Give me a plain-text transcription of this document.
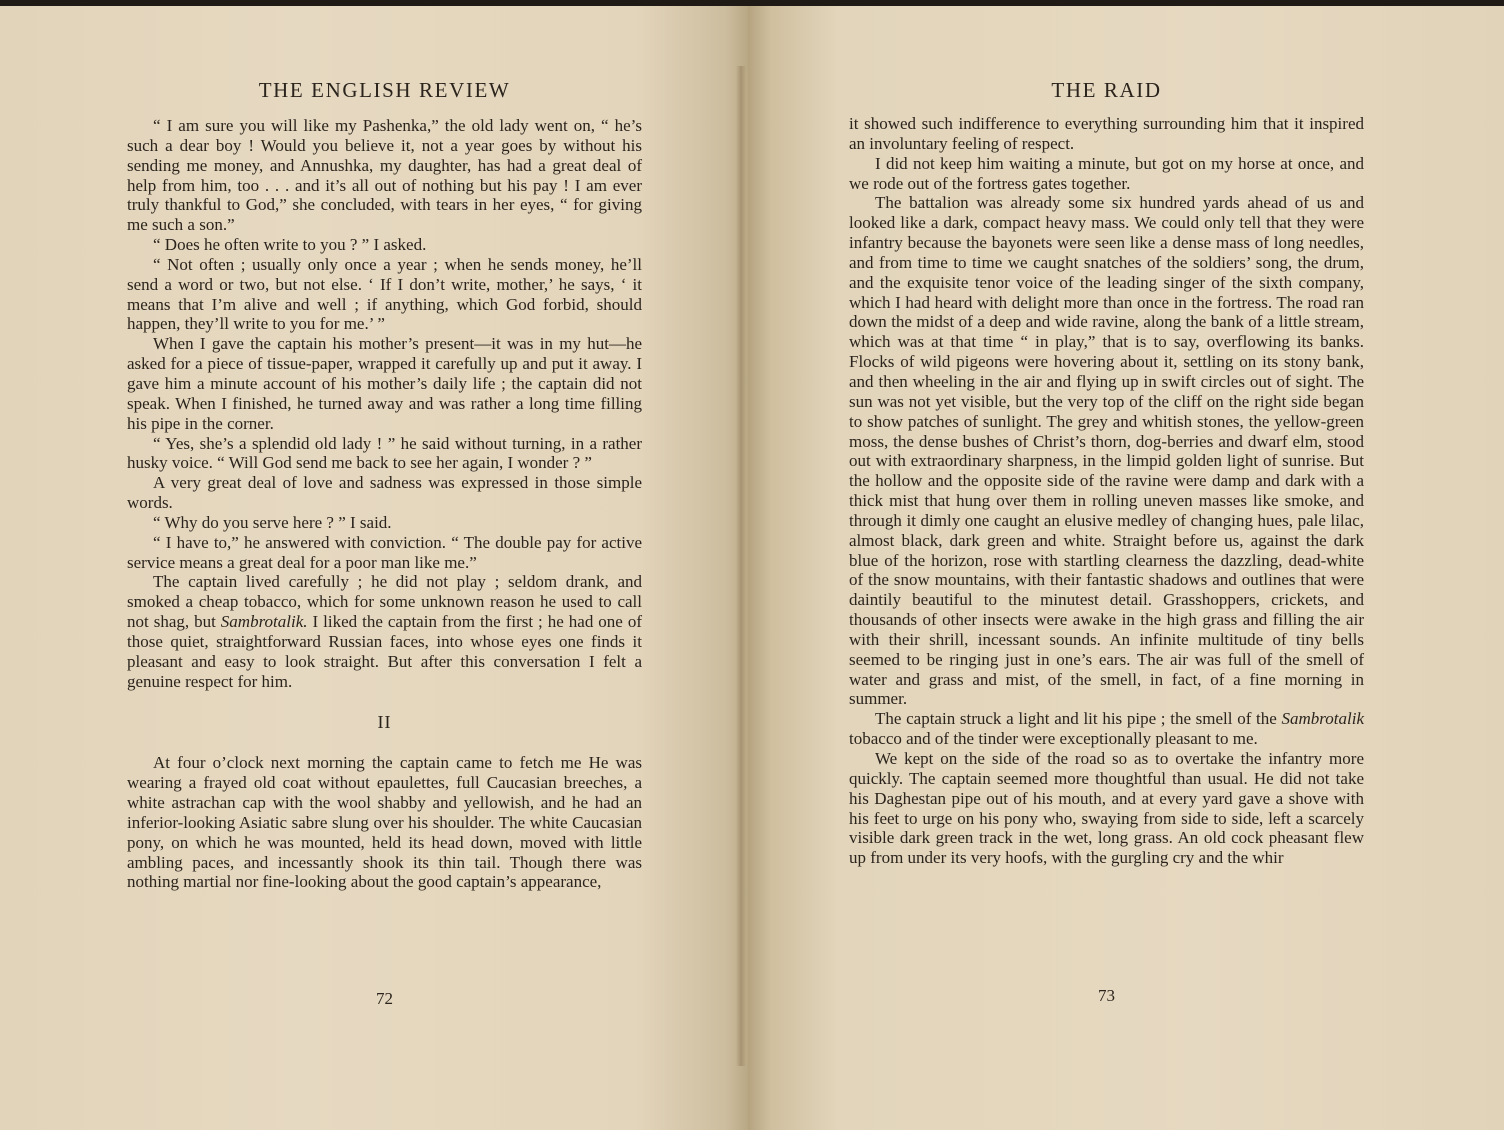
THE ENGLISH REVIEW

“ I am sure you will like my Pashenka,” the old lady went on, “ he’s such a dear boy ! Would you believe it, not a year goes by without his sending me money, and Annushka, my daughter, has had a great deal of help from him, too . . . and it’s all out of nothing but his pay ! I am ever truly thankful to God,” she concluded, with tears in her eyes, “ for giving me such a son.”

“ Does he often write to you ? ” I asked.

“ Not often ; usually only once a year ; when he sends money, he’ll send a word or two, but not else. ‘ If I don’t write, mother,’ he says, ‘ it means that I’m alive and well ; if anything, which God forbid, should happen, they’ll write to you for me.’ ”

When I gave the captain his mother’s present—it was in my hut—he asked for a piece of tissue-paper, wrapped it carefully up and put it away. I gave him a minute account of his mother’s daily life ; the captain did not speak. When I finished, he turned away and was rather a long time filling his pipe in the corner.

“ Yes, she’s a splendid old lady ! ” he said without turning, in a rather husky voice. “ Will God send me back to see her again, I wonder ? ”

A very great deal of love and sadness was expressed in those simple words.

“ Why do you serve here ? ” I said.

“ I have to,” he answered with conviction. “ The double pay for active service means a great deal for a poor man like me.”

The captain lived carefully ; he did not play ; seldom drank, and smoked a cheap tobacco, which for some unknown reason he used to call not shag, but Sambrotalik. I liked the captain from the first ; he had one of those quiet, straightforward Russian faces, into whose eyes one finds it pleasant and easy to look straight. But after this conversation I felt a genuine respect for him.

II

At four o’clock next morning the captain came to fetch me He was wearing a frayed old coat without epaulettes, full Caucasian breeches, a white astrachan cap with the wool shabby and yellowish, and he had an inferior-looking Asiatic sabre slung over his shoulder. The white Caucasian pony, on which he was mounted, held its head down, moved with little ambling paces, and incessantly shook its thin tail. Though there was nothing martial nor fine-looking about the good captain’s appearance,

72
THE RAID

it showed such indifference to everything surrounding him that it inspired an involuntary feeling of respect.

I did not keep him waiting a minute, but got on my horse at once, and we rode out of the fortress gates together.

The battalion was already some six hundred yards ahead of us and looked like a dark, compact heavy mass. We could only tell that they were infantry because the bayonets were seen like a dense mass of long needles, and from time to time we caught snatches of the soldiers’ song, the drum, and the exquisite tenor voice of the leading singer of the sixth company, which I had heard with delight more than once in the fortress. The road ran down the midst of a deep and wide ravine, along the bank of a little stream, which was at that time “ in play,” that is to say, overflowing its banks. Flocks of wild pigeons were hovering about it, settling on its stony bank, and then wheeling in the air and flying up in swift circles out of sight. The sun was not yet visible, but the very top of the cliff on the right side began to show patches of sunlight. The grey and whitish stones, the yellow-green moss, the dense bushes of Christ’s thorn, dog-berries and dwarf elm, stood out with extraordinary sharpness, in the limpid golden light of sunrise. But the hollow and the opposite side of the ravine were damp and dark with a thick mist that hung over them in rolling uneven masses like smoke, and through it dimly one caught an elusive medley of changing hues, pale lilac, almost black, dark green and white. Straight before us, against the dark blue of the horizon, rose with startling clearness the dazzling, dead-white of the snow mountains, with their fantastic shadows and outlines that were daintily beautiful to the minutest detail. Grasshoppers, crickets, and thousands of other insects were awake in the high grass and filling the air with their shrill, incessant sounds. An infinite multitude of tiny bells seemed to be ringing just in one’s ears. The air was full of the smell of water and grass and mist, of the smell, in fact, of a fine morning in summer.

The captain struck a light and lit his pipe ; the smell of the Sambrotalik tobacco and of the tinder were exceptionally pleasant to me.

We kept on the side of the road so as to overtake the infantry more quickly. The captain seemed more thoughtful than usual. He did not take his Daghestan pipe out of his mouth, and at every yard gave a shove with his feet to urge on his pony who, swaying from side to side, left a scarcely visible dark green track in the wet, long grass. An old cock pheasant flew up from under its very hoofs, with the gurgling cry and the whir

73
